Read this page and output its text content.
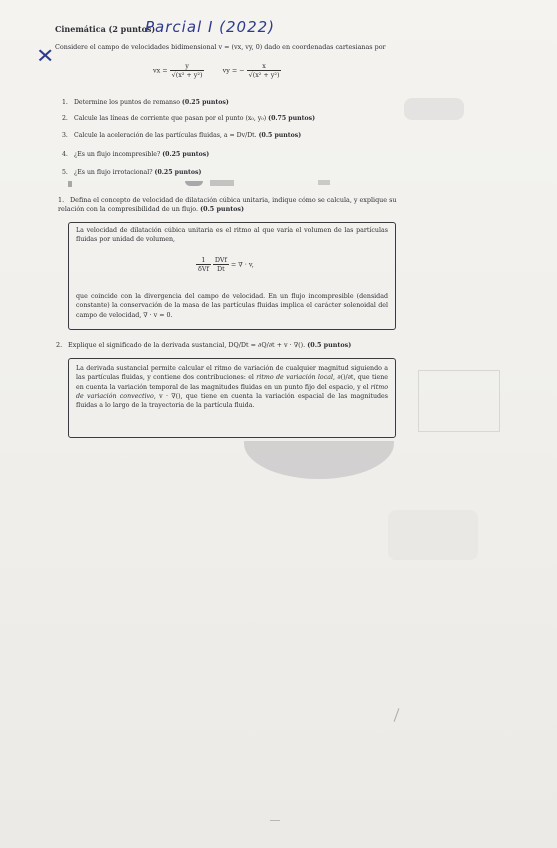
Cinemática (2 puntos)
Parcial I (2022)
✕ Considere el campo de velocidades bidimensional v = (vx, vy, 0) dado en coordenadas cartesianas por
vx = $\frac{y}{\text{√(x² + y²)}}$	vy = − $\frac{x}{\text{√(x² + y²)}}$
1. Determine los puntos de remanso (0.25 puntos)
2. Calcule las líneas de corriente que pasan por el punto (x₀, y₀) (0.75 puntos)
3. Calcule la aceleración de las partículas fluidas, a = Dv/Dt. (0.5 puntos)
4. ¿Es un flujo incompresible? (0.25 puntos)
5. ¿Es un flujo irrotacional? (0.25 puntos)
1. Defina el concepto de velocidad de dilatación cúbica unitaria, indique cómo se calcula, y explique su relación con la compresibilidad de un flujo. (0.5 puntos)
La velocidad de dilatación cúbica unitaria es el ritmo al que varía el volumen de las partículas fluidas por unidad de volumen,
$\frac{1}{\text{δVf}}$
$\frac{\text{DVf}}{Dt}$ = ∇ · v,
que coincide con la divergencia del campo de velocidad. En un flujo incompresible (densidad constante) la conservación de la masa de las partículas fluidas implica el carácter solenoidal del campo de velocidad, ∇ · v = 0.
2. Explique el significado de la derivada sustancial, DQ/Dt = ∂Q/∂t + v · ∇(). (0.5 puntos)
La derivada sustancial permite calcular el ritmo de variación de cualquier magnitud siguiendo a las partículas fluidas, y contiene dos contribuciones: el ritmo de variación local, ∂()/∂t, que tiene en cuenta la variación temporal de las magnitudes fluidas en un punto fijo del espacio, y el ritmo de variación convectivo, v · ∇(), que tiene en cuenta la variación espacial de las magnitudes fluidas a lo largo de la trayectoria de la partícula fluida.
